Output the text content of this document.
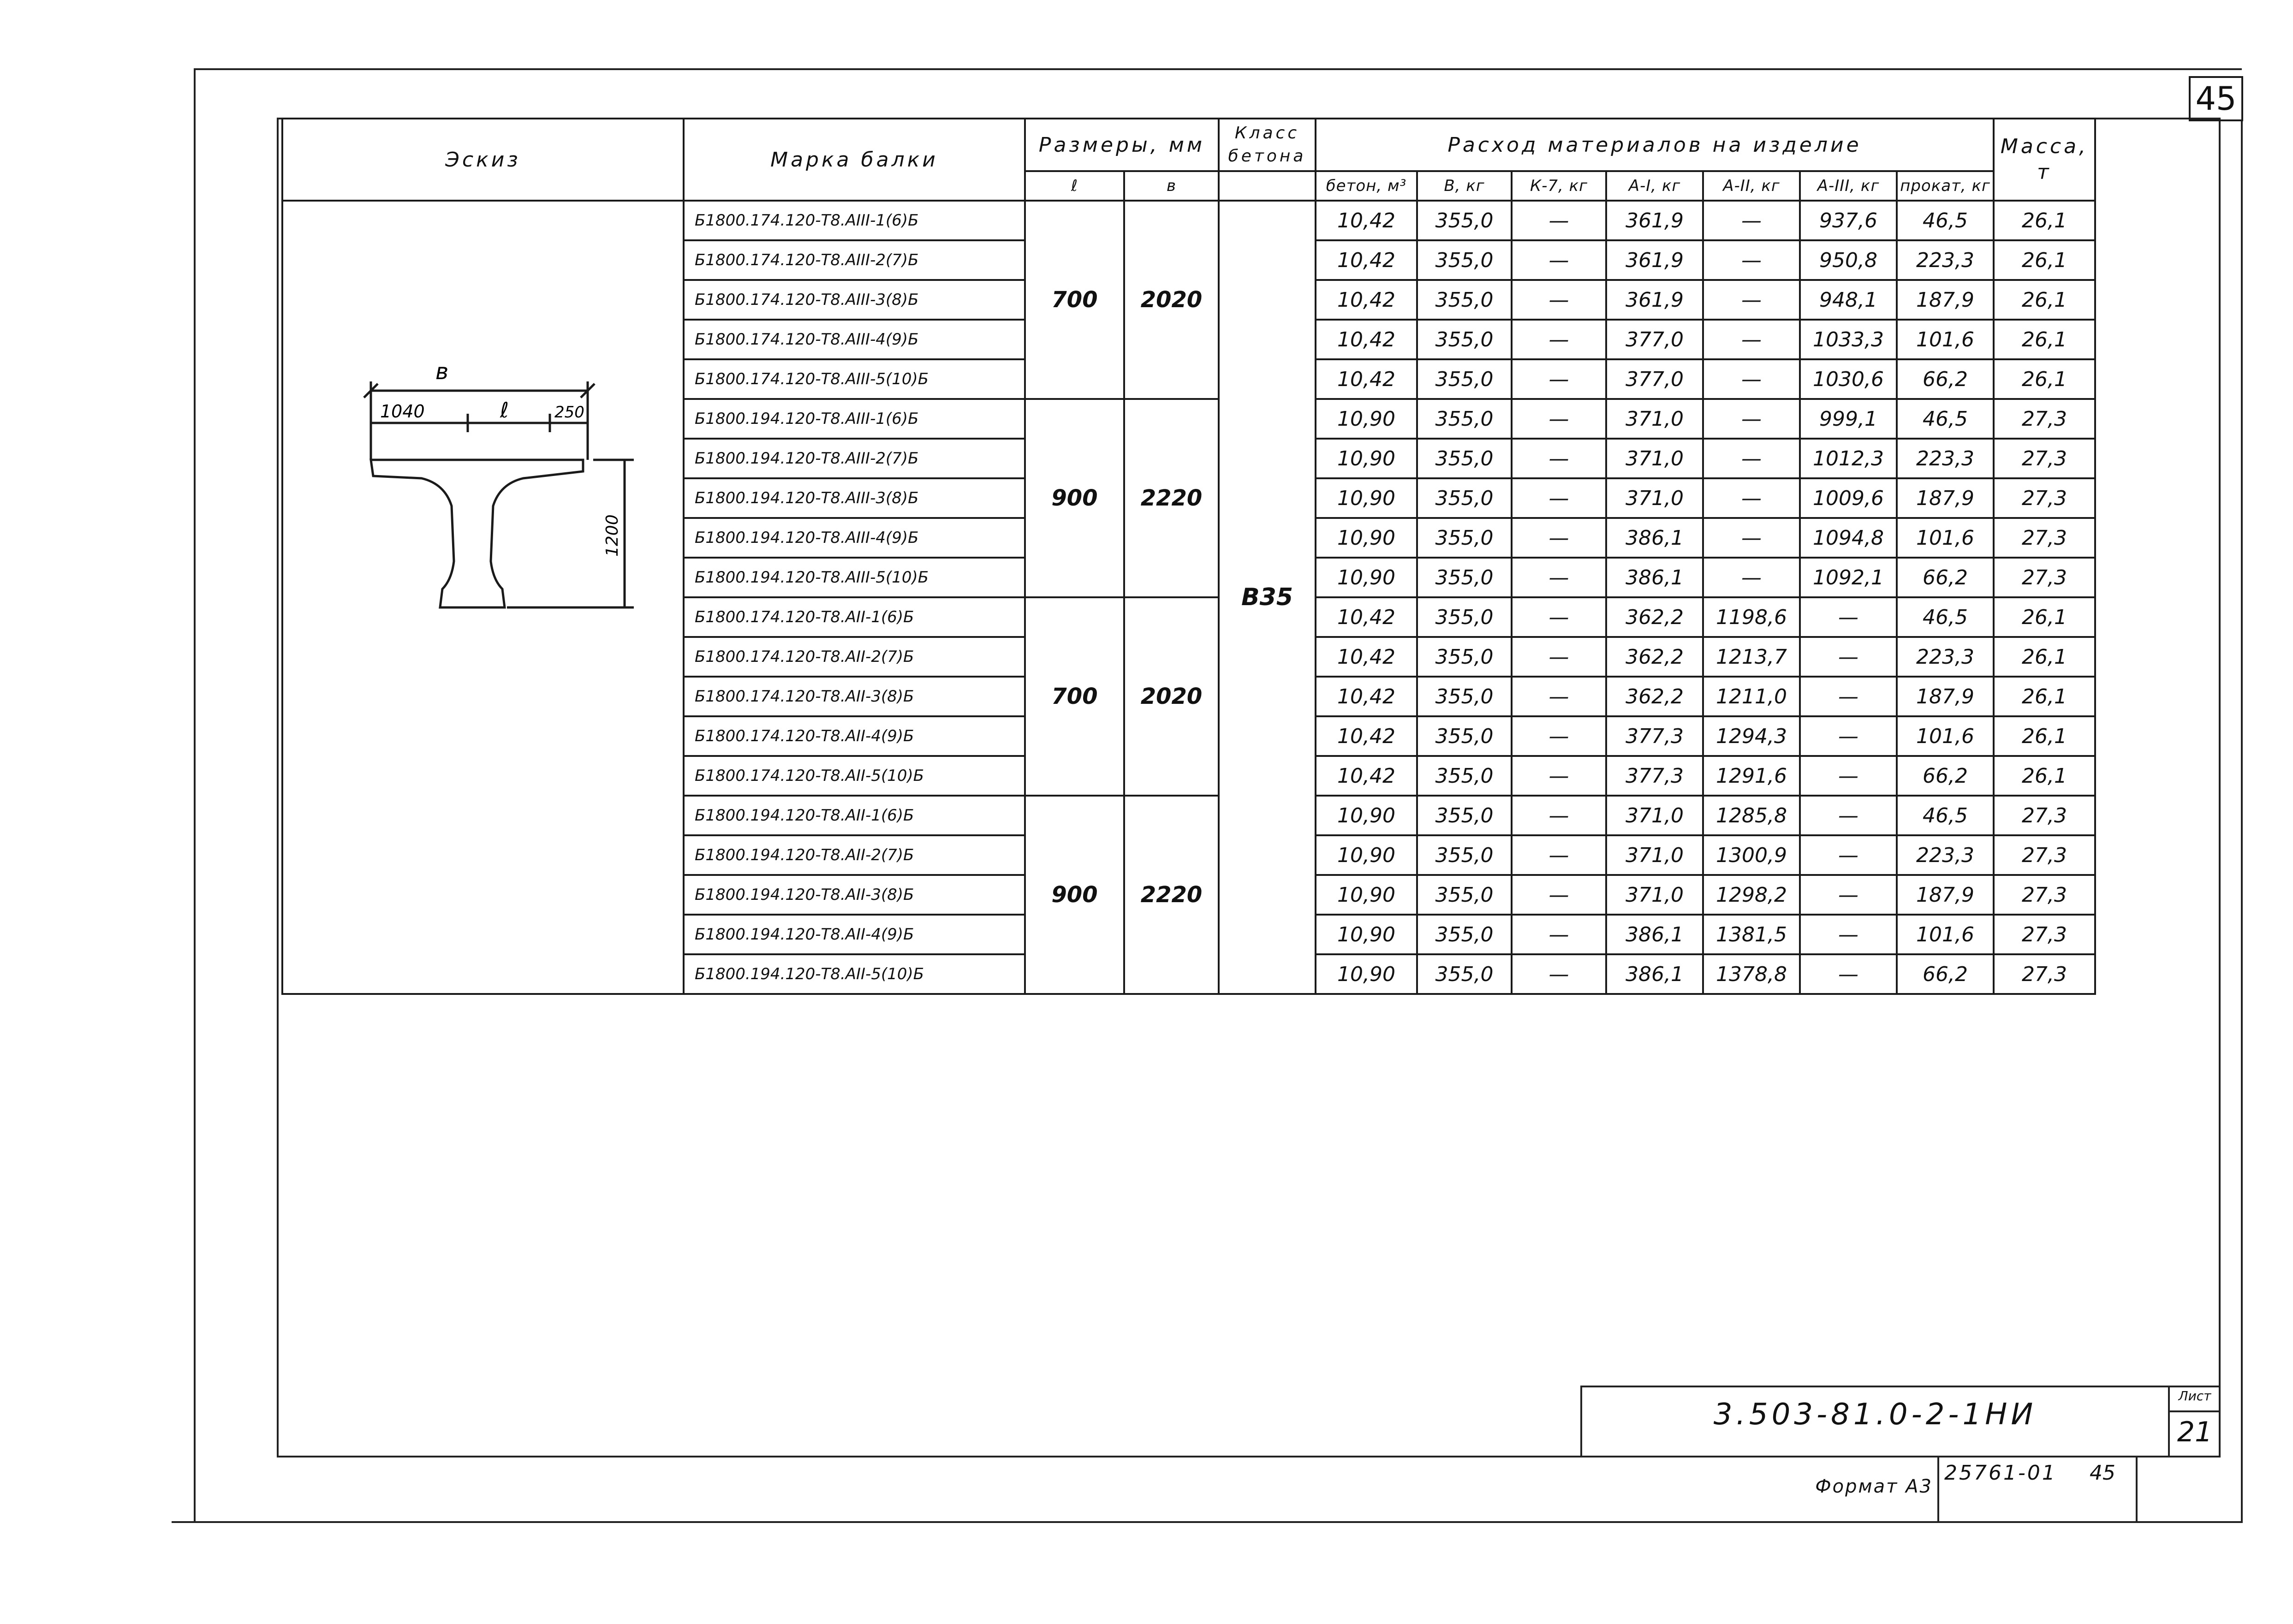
45
Эскиз	Марка балки	Размеры, мм		Класс бетона	Расход материалов на изделие							Масса, т
		ℓ	в		бетон, м³	В, кг	К-7, кг	А-I, кг	А-II, кг	А-III, кг	прокат, кг	

в
1040 ℓ 250
1200	Б1800.174.120-Т8.АIII-1(6)Б	700	2020	В35	10,42	355,0	—	361,9	—	937,6	46,5	26,1
	Б1800.174.120-Т8.АIII-2(7)Б				10,42	355,0	—	361,9	—	950,8	223,3	26,1
	Б1800.174.120-Т8.АIII-3(8)Б				10,42	355,0	—	361,9	—	948,1	187,9	26,1
	Б1800.174.120-Т8.АIII-4(9)Б				10,42	355,0	—	377,0	—	1033,3	101,6	26,1
	Б1800.174.120-Т8.АIII-5(10)Б				10,42	355,0	—	377,0	—	1030,6	66,2	26,1
	Б1800.194.120-Т8.АIII-1(6)Б	900	2220		10,90	355,0	—	371,0	—	999,1	46,5	27,3
	Б1800.194.120-Т8.АIII-2(7)Б				10,90	355,0	—	371,0	—	1012,3	223,3	27,3
	Б1800.194.120-Т8.АIII-3(8)Б				10,90	355,0	—	371,0	—	1009,6	187,9	27,3
	Б1800.194.120-Т8.АIII-4(9)Б				10,90	355,0	—	386,1	—	1094,8	101,6	27,3
	Б1800.194.120-Т8.АIII-5(10)Б				10,90	355,0	—	386,1	—	1092,1	66,2	27,3
	Б1800.174.120-Т8.АII-1(6)Б	700	2020		10,42	355,0	—	362,2	1198,6	—	46,5	26,1
	Б1800.174.120-Т8.АII-2(7)Б				10,42	355,0	—	362,2	1213,7	—	223,3	26,1
	Б1800.174.120-Т8.АII-3(8)Б				10,42	355,0	—	362,2	1211,0	—	187,9	26,1
	Б1800.174.120-Т8.АII-4(9)Б				10,42	355,0	—	377,3	1294,3	—	101,6	26,1
	Б1800.174.120-Т8.АII-5(10)Б				10,42	355,0	—	377,3	1291,6	—	66,2	26,1
	Б1800.194.120-Т8.АII-1(6)Б	900	2220		10,90	355,0	—	371,0	1285,8	—	46,5	27,3
	Б1800.194.120-Т8.АII-2(7)Б				10,90	355,0	—	371,0	1300,9	—	223,3	27,3
	Б1800.194.120-Т8.АII-3(8)Б				10,90	355,0	—	371,0	1298,2	—	187,9	27,3
	Б1800.194.120-Т8.АII-4(9)Б				10,90	355,0	—	386,1	1381,5	—	101,6	27,3
	Б1800.194.120-Т8.АII-5(10)Б				10,90	355,0	—	386,1	1378,8	—	66,2	27,3
3.503-81.0-2-1НИ
Лист
21
Формат А3
25761-01 45
